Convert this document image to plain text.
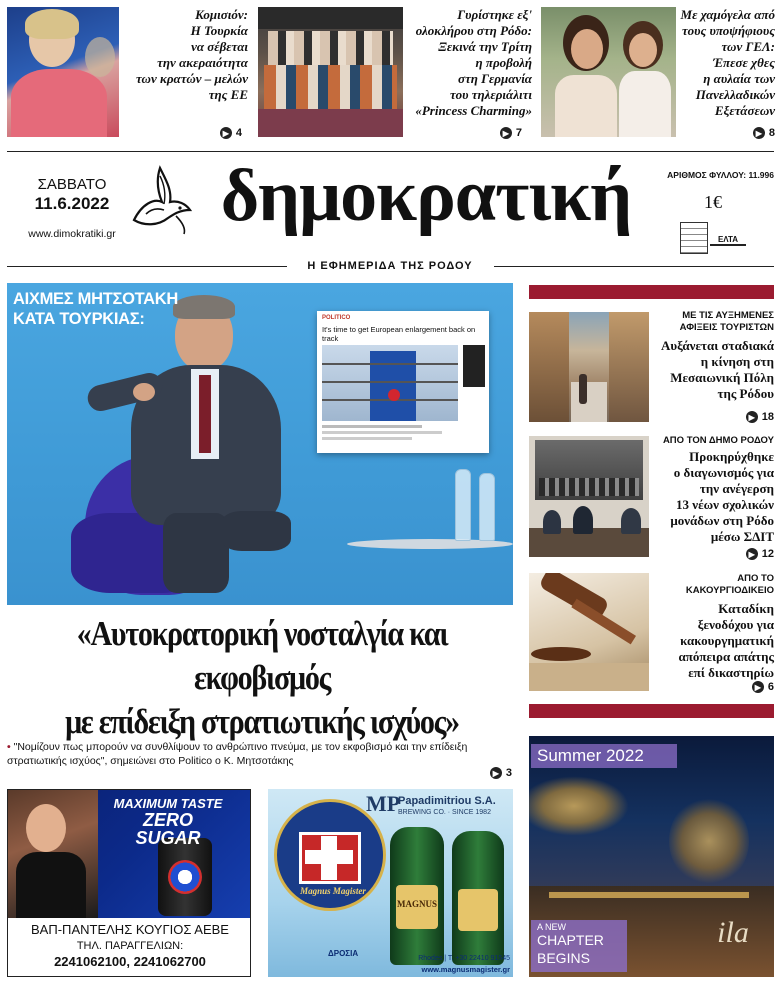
Κομισιόν:
Η Τουρκία
να σέβεται
την ακεραιότητα
των κρατών – μελών
της ΕΕ
▶ 4
Γυρίστηκε εξ'
ολοκλήρου στη Ρόδο:
Ξεκινά την Τρίτη
η προβολή
στη Γερμανία
του τηλεριάλιτι
«Princess Charming»
▶ 7
Με χαμόγελα από
τους υποψήφιους
των ΓΕΛ:
Έπεσε χθες
η αυλαία των
Πανελλαδικών
Εξετάσεων
▶ 8
ΣΑΒΒΑΤΟ
11.6.2022
www.dimokratiki.gr	δημοκρατική	ΑΡΙΘΜΟΣ ΦΥΛΛΟΥ: 11.996
1€
ΕΛΤΑ
Η ΕΦΗΜΕΡΙΔΑ ΤΗΣ ΡΟΔΟΥ
POLITICO
It's time to get European enlargement back on track
ΑΙΧΜΕΣ ΜΗΤΣΟΤΑΚΗ
ΚΑΤΑ ΤΟΥΡΚΙΑΣ:
«Αυτοκρατορική νοσταλγία και εκφοβισμός
με επίδειξη στρατιωτικής ισχύος»
• "Νομίζουν πως μπορούν να συνθλίψουν το ανθρώπινο πνεύμα, με τον εκφοβισμό και την επίδειξη στρατιωτικής ισχύος", σημειώνει στο Politico ο Κ. Μητσοτάκης
▶ 3
ΜΕ ΤΙΣ ΑΥΞΗΜΕΝΕΣ
ΑΦΙΞΕΙΣ ΤΟΥΡΙΣΤΩΝ
Αυξάνεται σταδιακά
η κίνηση στη
Μεσαιωνική Πόλη
της Ρόδου
▶ 18
ΑΠΟ ΤΟΝ ΔΗΜΟ ΡΟΔΟΥ
Προκηρύχθηκε
ο διαγωνισμός για
την ανέγερση
13 νέων σχολικών
μονάδων στη Ρόδο
μέσω ΣΔΙΤ
▶ 12
ΑΠΟ ΤΟ ΚΑΚΟΥΡΓΙΟΔΙΚΕΙΟ
Καταδίκη
ξενοδόχου για
κακουργηματική
απόπειρα απάτης
επί δικαστηρίω
▶ 6
MAXIMUM TASTE
ZERO
SUGAR
ΒΑΠ-ΠΑΝΤΕΛΗΣ ΚΟΥΓΙΟΣ ΑΕΒΕ
ΤΗΛ. ΠΑΡΑΓΓΕΛΙΩΝ:
2241062100, 2241062700
MP
Papadimitriou S.A.
BREWING CO. · SINCE 1982
Magnus Magister
MAGNUS
ΔΡΟΣΙΑ
Rhodes | T. +30 22410 91545
www.magnusmagister.gr
Summer 2022
A NEW
CHAPTER
BEGINS
ila
